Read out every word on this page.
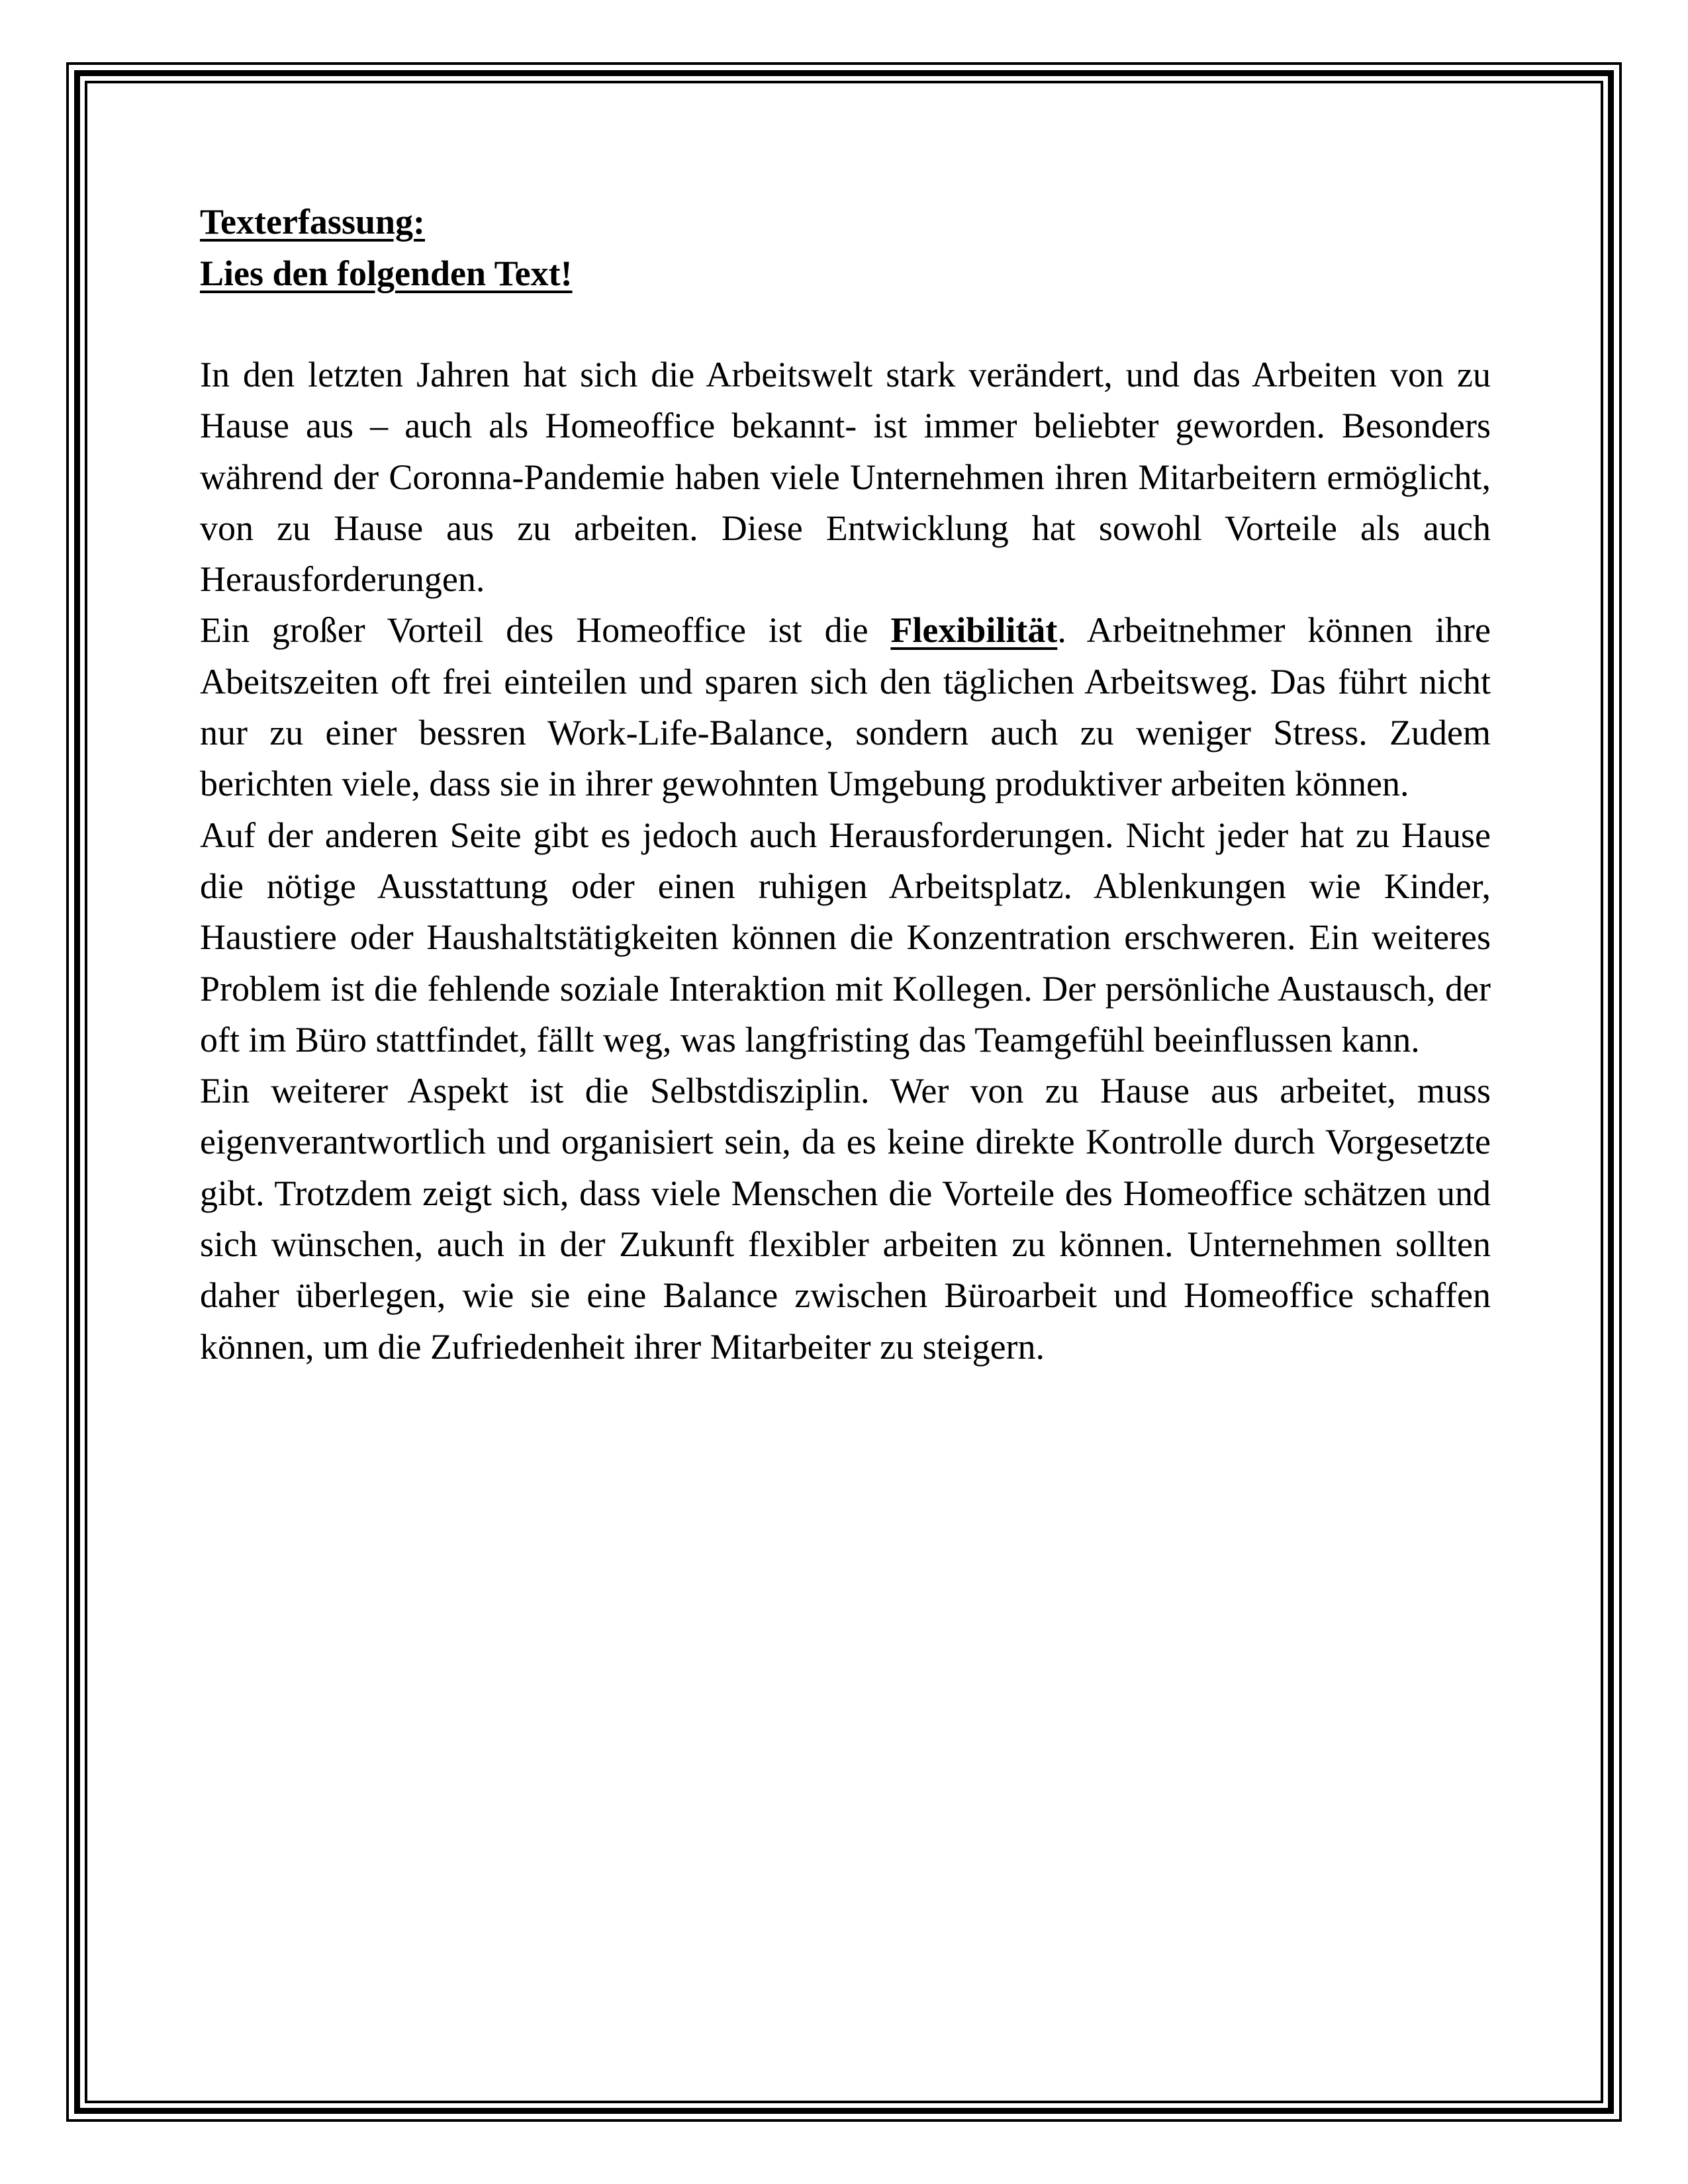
Texterfassung:

Lies den folgenden Text!

In den letzten Jahren hat sich die Arbeitswelt stark verändert, und das Arbeiten von zu Hause aus – auch als Homeoffice bekannt- ist immer beliebter geworden. Besonders während der Coronna-Pandemie haben viele Unternehmen ihren Mitarbeitern ermöglicht, von zu Hause aus zu arbeiten. Diese Entwicklung hat sowohl Vorteile als auch Herausforderungen.

Ein großer Vorteil des Homeoffice ist die Flexibilität. Arbeitnehmer können ihre Abeitszeiten oft frei einteilen und sparen sich den täglichen Arbeitsweg. Das führt nicht nur zu einer bessren Work-Life-Balance, sondern auch zu weniger Stress. Zudem berichten viele, dass sie in ihrer gewohnten Umgebung produktiver arbeiten können.

Auf der anderen Seite gibt es jedoch auch Herausforderungen. Nicht jeder hat zu Hause die nötige Ausstattung oder einen ruhigen Arbeitsplatz. Ablenkungen wie Kinder, Haustiere oder Haushaltstätigkeiten können die Konzentration erschweren. Ein weiteres Problem ist die fehlende soziale Interaktion mit Kollegen. Der persönliche Austausch, der oft im Büro stattfindet, fällt weg, was langfristing das Teamgefühl beeinflussen kann.

Ein weiterer Aspekt ist die Selbstdisziplin. Wer von zu Hause aus arbeitet, muss eigenverantwortlich und organisiert sein, da es keine direkte Kontrolle durch Vorgesetzte gibt. Trotzdem zeigt sich, dass viele Menschen die Vorteile des Homeoffice schätzen und sich wünschen, auch in der Zukunft flexibler arbeiten zu können. Unternehmen sollten daher überlegen, wie sie eine Balance zwischen Büroarbeit und Homeoffice schaffen können, um die Zufriedenheit ihrer Mitarbeiter zu steigern.
